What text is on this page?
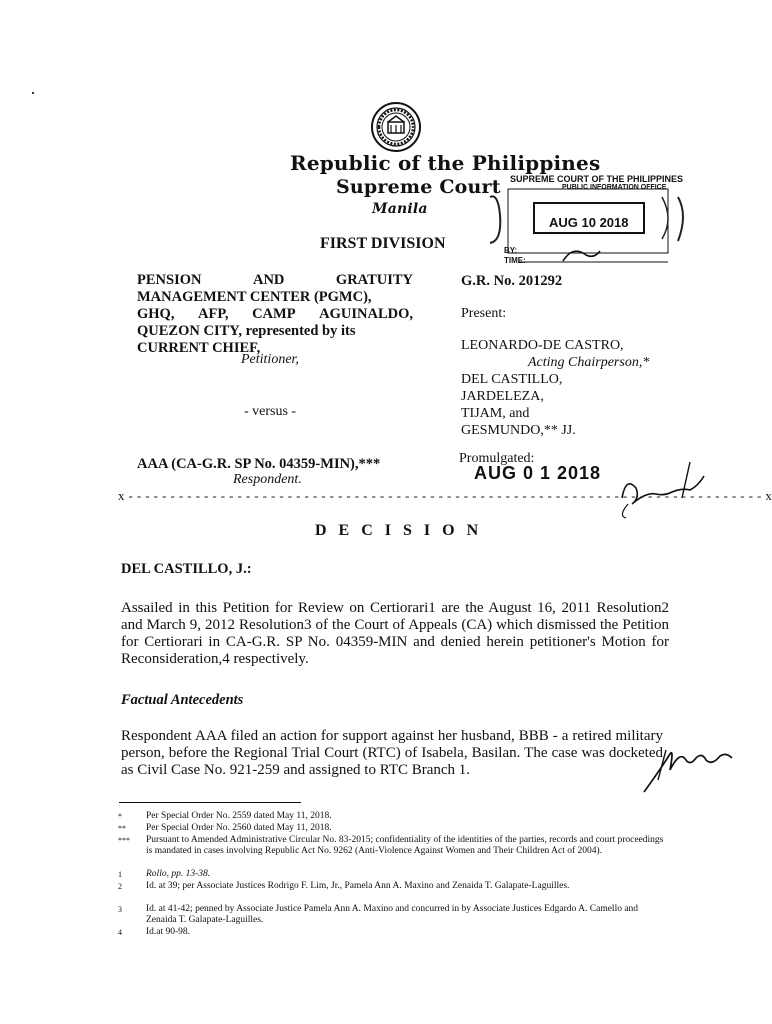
Republic of the Philippines
Supreme Court
Manila
FIRST DIVISION
SUPREME COURT OF THE PHILIPPINES
PUBLIC INFORMATION OFFICE
AUG 10 2018
BY:
TIME:
PENSION	AND	GRATUITY
MANAGEMENT CENTER (PGMC),
GHQ, AFP, CAMP AGUINALDO,
QUEZON CITY, represented by its
CURRENT CHIEF,
Petitioner,
- versus -
AAA (CA-G.R. SP No. 04359-MIN),***
Respondent.
G.R. No. 201292
Present:
LEONARDO-DE CASTRO,
Acting Chairperson,*
DEL CASTILLO,
JARDELEZA,
TIJAM, and
GESMUNDO,** JJ.
Promulgated:
AUG 0 1 2018
x - - - - - - - - - - - - - - - - - - - - - - - - - - - - - - - - - - - - - - - - - - - - - - - - - - - - - - - - - - - - - - - - - - - - - - - - - - - - x
D E C I S I O N
DEL CASTILLO, J.:
Assailed in this Petition for Review on Certiorari1 are the August 16, 2011 Resolution2 and March 9, 2012 Resolution3 of the Court of Appeals (CA) which dismissed the Petition for Certiorari in CA-G.R. SP No. 04359-MIN and denied herein petitioner's Motion for Reconsideration,4 respectively.
Factual Antecedents
Respondent AAA filed an action for support against her husband, BBB - a retired military person, before the Regional Trial Court (RTC) of Isabela, Basilan. The case was docketed as Civil Case No. 921-259 and assigned to RTC Branch 1.
*	Per Special Order No. 2559 dated May 11, 2018.
** Per Special Order No. 2560 dated May 11, 2018.
*** Pursuant to Amended Administrative Circular No. 83-2015; confidentiality of the identities of the parties, records and court proceedings is mandated in cases involving Republic Act No. 9262 (Anti-Violence Against Women and Their Children Act of 2004).
1	Rollo, pp. 13-38.
2	Id. at 39; per Associate Justices Rodrigo F. Lim, Jr., Pamela Ann A. Maxino and Zenaida T. Galapate-Laguilles.
3	Id. at 41-42; penned by Associate Justice Pamela Ann A. Maxino and concurred in by Associate Justices Edgardo A. Camello and Zenaida T. Galapate-Laguilles.
4	Id.at 90-98.
